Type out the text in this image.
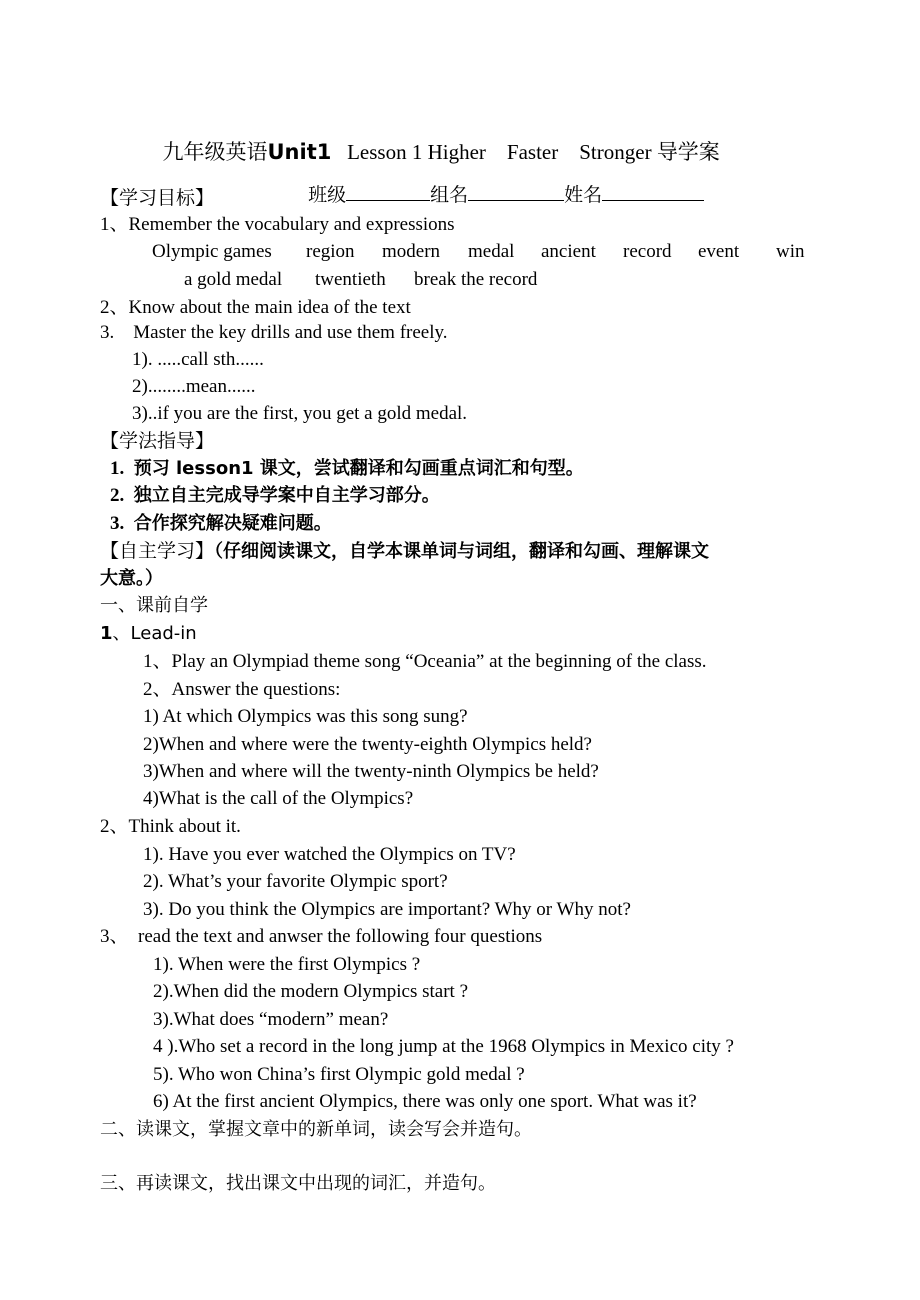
九年级英语Unit1 Lesson 1 Higher    Faster    Stronger 导学案

班级	组名	姓名

【学习目标】
1、Remember the vocabulary and expressions
Olympic games region modern medal ancient record event win
a gold medal twentieth break the record
2、Know about the main idea of the text
3.    Master the key drills and use them freely.
1). .....call sth......
2)........mean......
3)..if you are the first, you get a gold medal.
【学法指导】
1. 预习 lesson1 课文，尝试翻译和勾画重点词汇和句型。
2. 独立自主完成导学案中自主学习部分。
3. 合作探究解决疑难问题。
【自主学习】（仔细阅读课文，自学本课单词与词组，翻译和勾画、理解课文
大意。）
一、课前自学
1、Lead-in
1、Play an Olympiad theme song “Oceania” at the beginning of the class.
2、Answer the questions:
1) At which Olympics was this song sung?
2)When and where were the twenty-eighth Olympics held?
3)When and where will the twenty-ninth Olympics be held?
4)What is the call of the Olympics?
2、Think about it.
1). Have you ever watched the Olympics on TV?
2). What’s your favorite Olympic sport?
3). Do you think the Olympics are important? Why or Why not?
3、  read the text and anwser the following four questions
1). When were the first Olympics ?
2).When did the modern Olympics start ?
3).What does “modern” mean?
4 ).Who set a record in the long jump at the 1968 Olympics in Mexico city ?
5). Who won China’s first Olympic gold medal ?
6) At the first ancient Olympics, there was only one sport. What was it?
二、读课文，掌握文章中的新单词，读会写会并造句。
三、再读课文，找出课文中出现的词汇，并造句。
